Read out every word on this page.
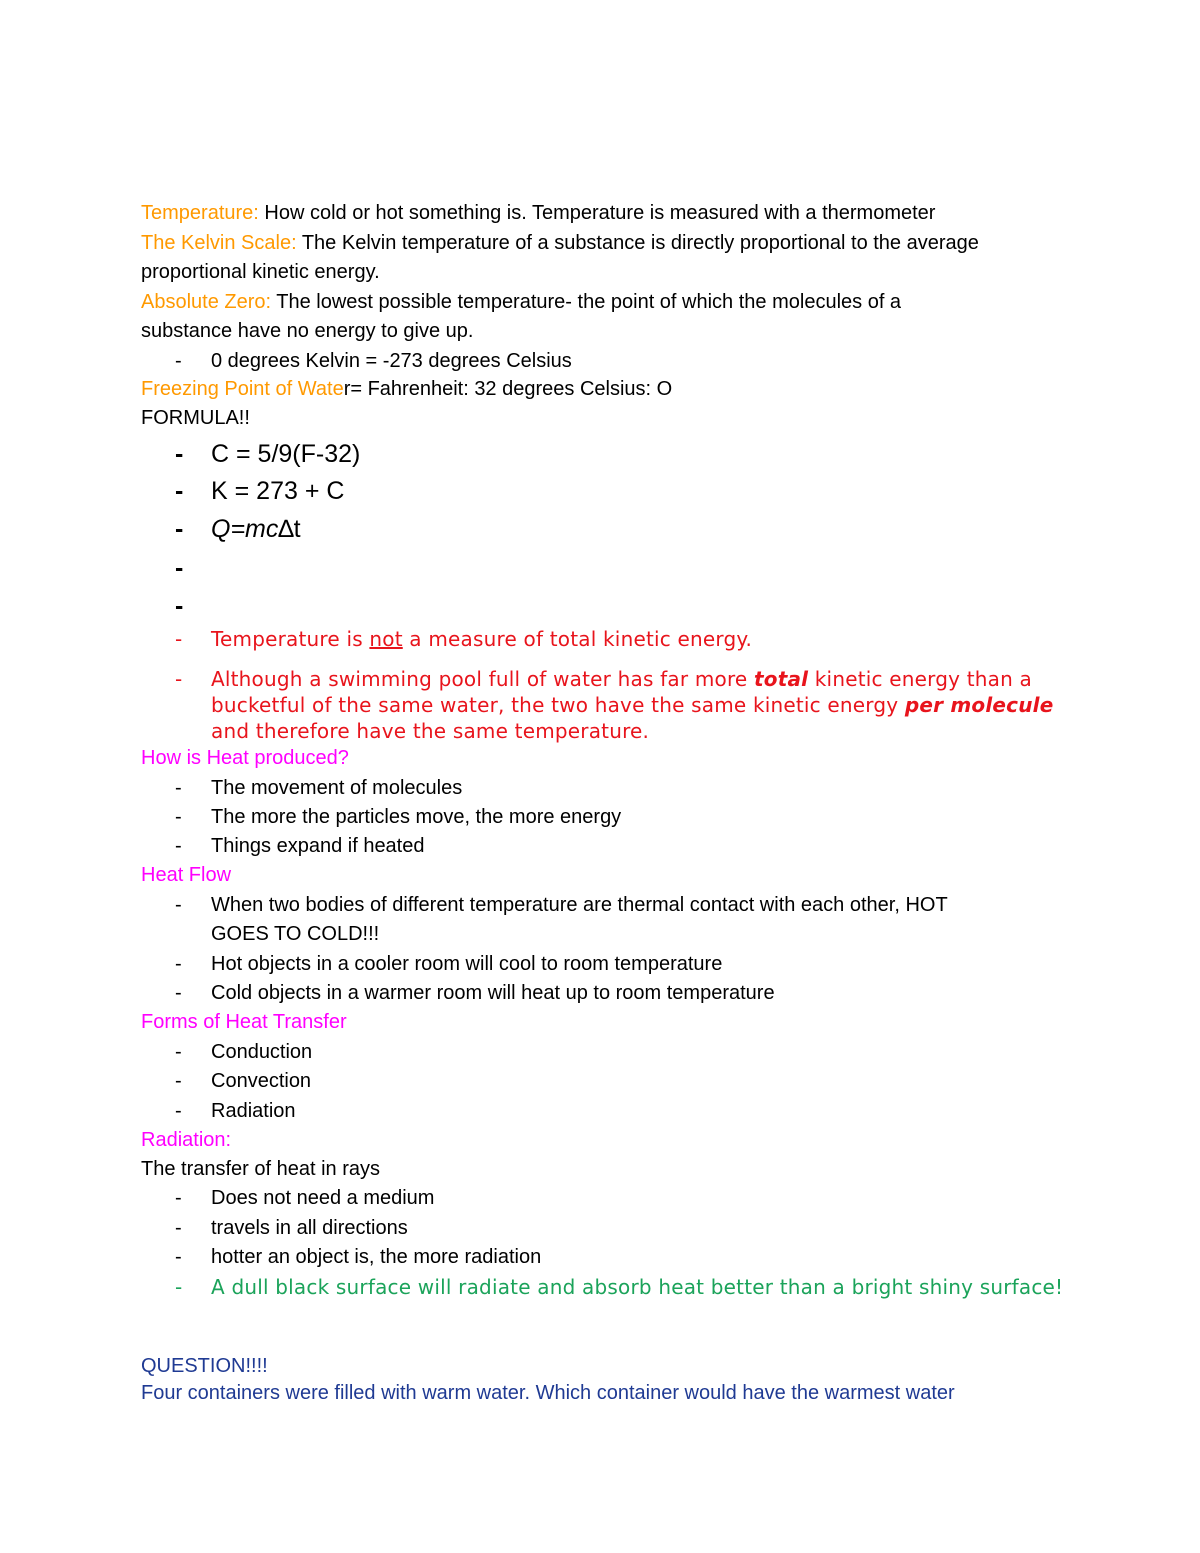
Temperature: How cold or hot something is. Temperature is measured with a thermometer
The Kelvin Scale: The Kelvin temperature of a substance is directly proportional to the average
proportional kinetic energy.
Absolute Zero: The lowest possible temperature- the point of which the molecules of a
substance have no energy to give up.
- 0 degrees Kelvin = -273 degrees Celsius
Freezing Point of Water= Fahrenheit: 32 degrees Celsius: O
FORMULA!!
- C = 5/9(F-32)
- K = 273 + C
- Q=mc∆t
-
-
- Temperature is not a measure of total kinetic energy.
- Although a swimming pool full of water has far more total kinetic energy than a
bucketful of the same water, the two have the same kinetic energy per molecule
and therefore have the same temperature.
How is Heat produced?
- The movement of molecules
- The more the particles move, the more energy
- Things expand if heated
Heat Flow
- When two bodies of different temperature are thermal contact with each other, HOT
GOES TO COLD!!!
- Hot objects in a cooler room will cool to room temperature
- Cold objects in a warmer room will heat up to room temperature
Forms of Heat Transfer
- Conduction
- Convection
- Radiation
Radiation:
The transfer of heat in rays
- Does not need a medium
- travels in all directions
- hotter an object is, the more radiation
- A dull black surface will radiate and absorb heat better than a bright shiny surface!
QUESTION!!!!
Four containers were filled with warm water. Which container would have the warmest water
